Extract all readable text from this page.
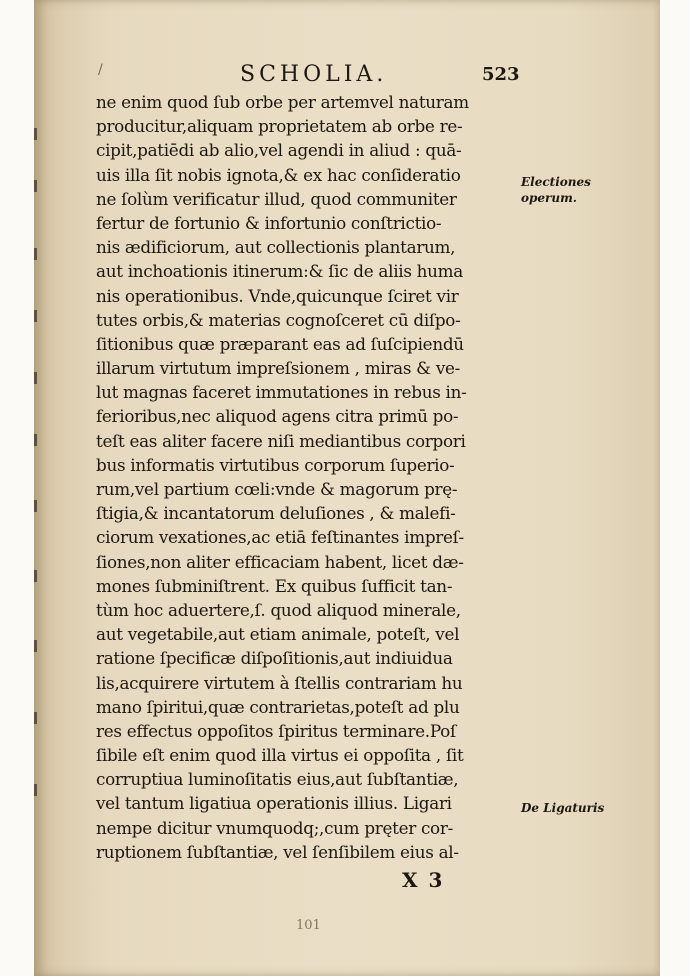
/	SCHOLIA.	523
ne enim quod ſub orbe per artemvel naturam
producitur,aliquam proprietatem ab orbe re-
cipit,patiēdi ab alio,vel agendi in aliud : quā-
uis illa ſit nobis ignota,& ex hac conſideratio
ne ſolùm verificatur illud, quod communiter
fertur de fortunio & infortunio conſtrictio-
nis ædificiorum, aut collectionis plantarum,
aut inchoationis itinerum:& ſic de aliis huma
nis operationibus. Vnde,quicunque ſciret vir
tutes orbis,& materias cognoſceret cū diſpo-
ſitionibus quæ præparant eas ad ſuſcipiendū
illarum virtutum impreſsionem , miras & ve-
lut magnas faceret immutationes in rebus in-
ferioribus,nec aliquod agens citra primū po-
teſt eas aliter facere niſi mediantibus corpori
bus informatis virtutibus corporum ſuperio-
rum,vel partium cœli:vnde & magorum prę-
ſtigia,& incantatorum deluſiones , & malefi-
ciorum vexationes,ac etiā feſtinantes impreſ-
ſiones,non aliter efficaciam habent, licet dæ-
mones ſubminiſtrent. Ex quibus ſufficit tan-
tùm hoc aduertere,ſ. quod aliquod minerale,
aut vegetabile,aut etiam animale, poteſt, vel
ratione ſpecificæ diſpoſitionis,aut indiuidua
lis,acquirere virtutem à ſtellis contrariam hu
mano ſpiritui,quæ contrarietas,poteſt ad plu
res effectus oppoſitos ſpiritus terminare.Poſ
ſibile eſt enim quod illa virtus ei oppoſita , ſit
corruptiua luminoſitatis eius,aut ſubſtantiæ,
vel tantum ligatiua operationis illius. Ligari
nempe dicitur vnumquodq;,cum pręter cor-
ruptionem ſubſtantiæ, vel ſenſibilem eius al-
Electiones
operum.
De Ligaturis
X 3
101
